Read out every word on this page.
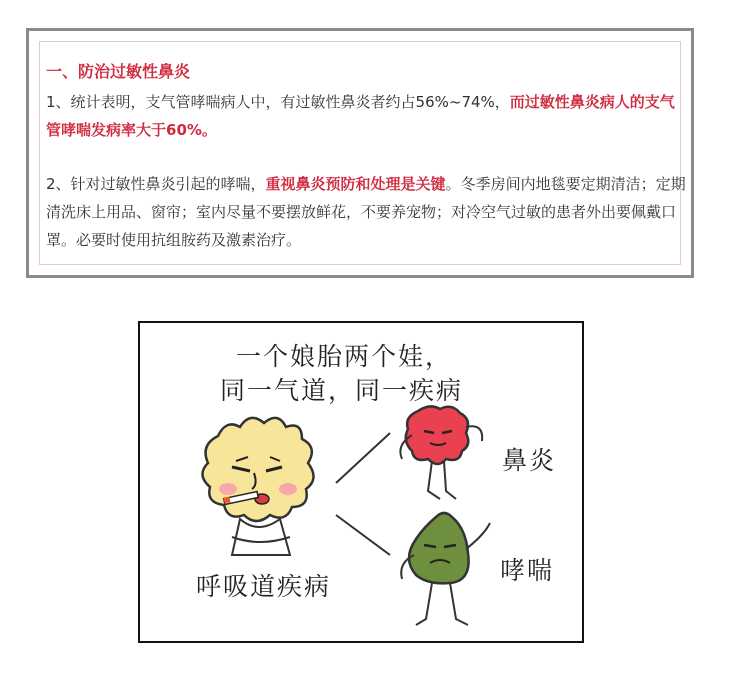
一、防治过敏性鼻炎

1、统计表明，支气管哮喘病人中，有过敏性鼻炎者约占56%~74%，而过敏性鼻炎病人的支气管哮喘发病率大于60%。

2、针对过敏性鼻炎引起的哮喘，重视鼻炎预防和处理是关键。冬季房间内地毯要定期清洁；定期清洗床上用品、窗帘；室内尽量不要摆放鲜花，不要养宠物；对冷空气过敏的患者外出要佩戴口罩。必要时使用抗组胺药及激素治疗。

一个娘胎两个娃，
同一气道，同一疾病
呼吸道疾病
鼻炎
哮喘
